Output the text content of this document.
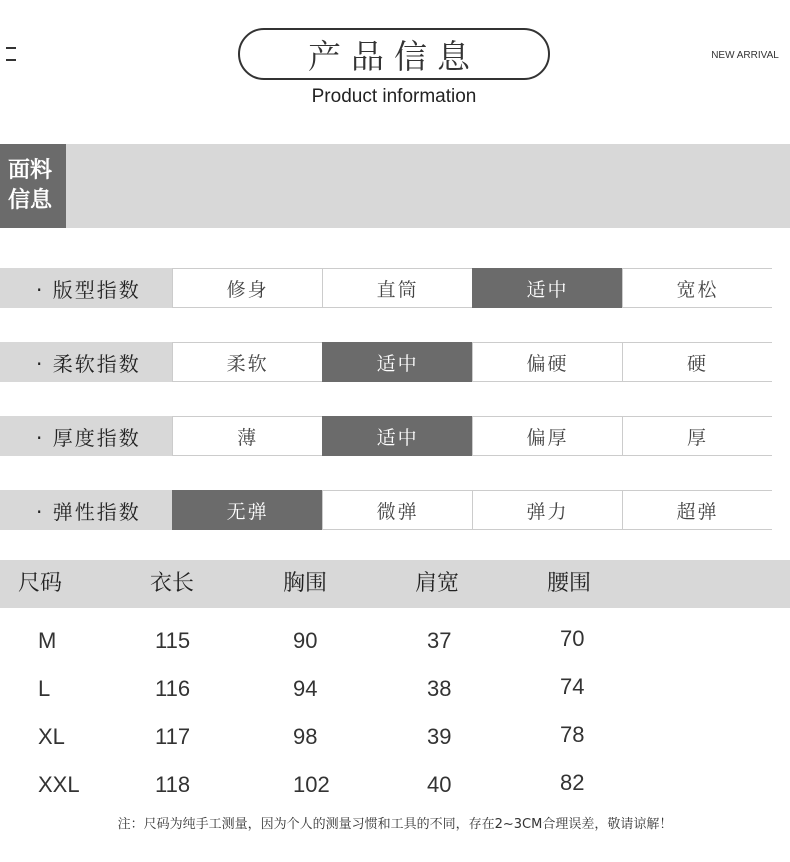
产品信息
Product information
NEW ARRIVAL
面料
信息
· 版型指数	修身	直筒	适中	宽松
· 柔软指数	柔软	适中	偏硬	硬
· 厚度指数	薄	适中	偏厚	厚
· 弹性指数	无弹	微弹	弹力	超弹
尺码	衣长	胸围	肩宽	腰围
M	115	90	37	70
L	116	94	38	74
XL	117	98	39	78
XXL	118	102	40	82
注：尺码为纯手工测量，因为个人的测量习惯和工具的不同，存在2~3CM合理误差，敬请谅解！
